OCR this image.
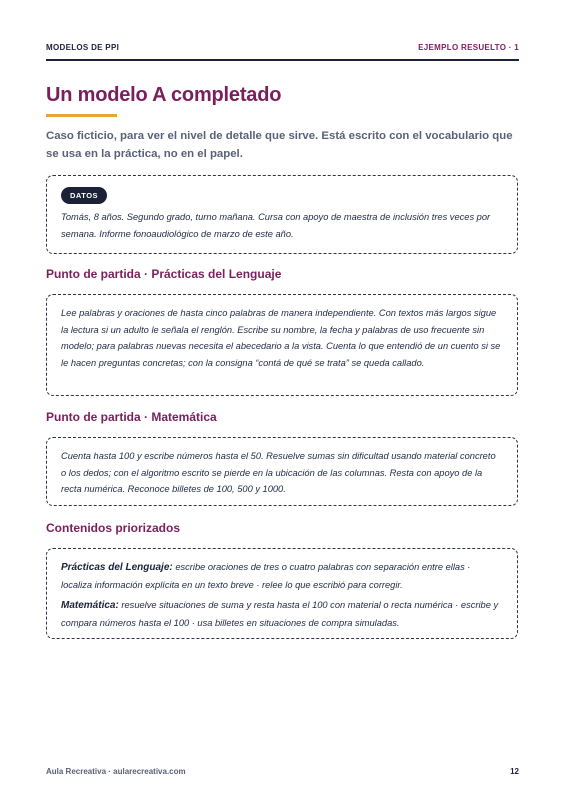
MODELOS DE PPI	EJEMPLO RESUELTO · 1
Un modelo A completado
Caso ficticio, para ver el nivel de detalle que sirve. Está escrito con el vocabulario que se usa en la práctica, no en el papel.
DATOS

Tomás, 8 años. Segundo grado, turno mañana. Cursa con apoyo de maestra de inclusión tres veces por semana. Informe fonoaudiológico de marzo de este año.

Punto de partida · Prácticas del Lenguaje

Lee palabras y oraciones de hasta cinco palabras de manera independiente. Con textos más largos sigue la lectura si un adulto le señala el renglón. Escribe su nombre, la fecha y palabras de uso frecuente sin modelo; para palabras nuevas necesita el abecedario a la vista. Cuenta lo que entendió de un cuento si se le hacen preguntas concretas; con la consigna “contá de qué se trata” se queda callado.

Punto de partida · Matemática

Cuenta hasta 100 y escribe números hasta el 50. Resuelve sumas sin dificultad usando material concreto o los dedos; con el algoritmo escrito se pierde en la ubicación de las columnas. Resta con apoyo de la recta numérica. Reconoce billetes de 100, 500 y 1000.

Contenidos priorizados

Prácticas del Lenguaje: escribe oraciones de tres o cuatro palabras con separación entre ellas · localiza información explícita en un texto breve · relee lo que escribió para corregir.

Matemática: resuelve situaciones de suma y resta hasta el 100 con material o recta numérica · escribe y compara números hasta el 100 · usa billetes en situaciones de compra simuladas.

Aula Recreativa · aularecreativa.com	12
